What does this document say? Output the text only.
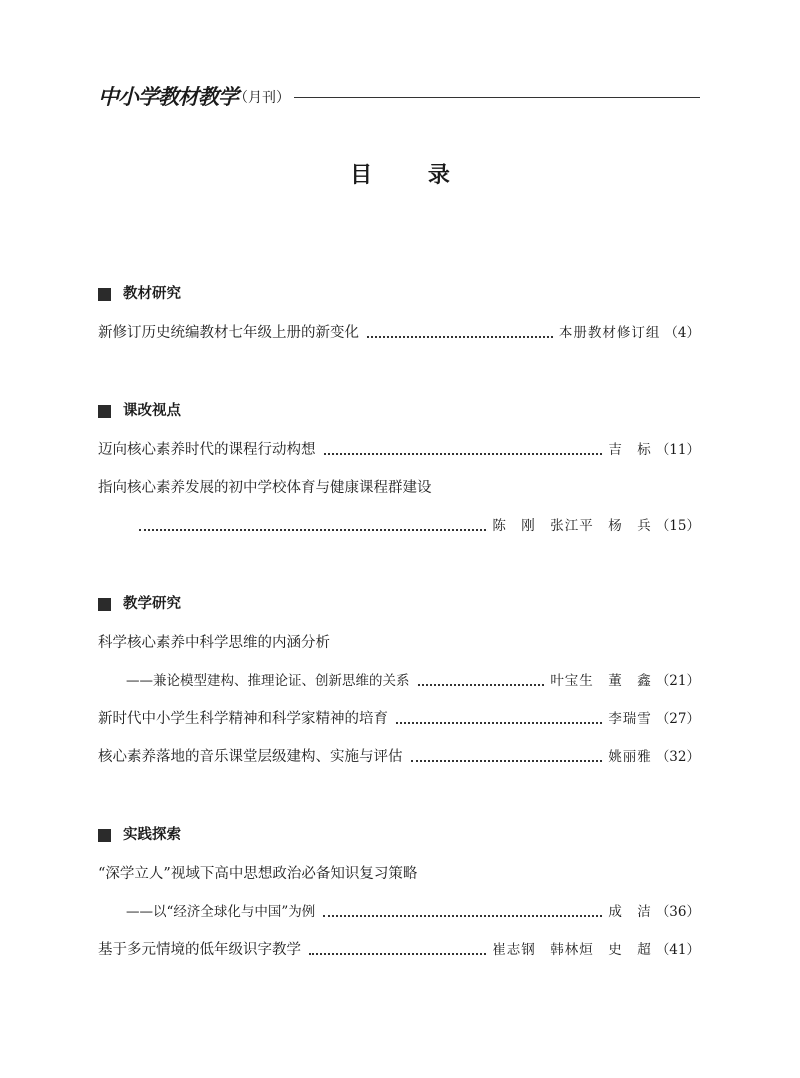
中小学教材教学
（月刊）
目 录
教材研究
新修订历史统编教材七年级上册的新变化	本册教材修订组 （4）
课改视点
迈向核心素养时代的课程行动构想	吉　标 （11）
指向核心素养发展的初中学校体育与健康课程群建设
陈　刚　张江平　杨　兵 （15）
教学研究
科学核心素养中科学思维的内涵分析
——兼论模型建构、推理论证、创新思维的关系	叶宝生　董　鑫 （21）
新时代中小学生科学精神和科学家精神的培育	李瑞雪 （27）
核心素养落地的音乐课堂层级建构、实施与评估	姚丽雅 （32）
实践探索
“深学立人”视域下高中思想政治必备知识复习策略
——以“经济全球化与中国”为例	成　洁 （36）
基于多元情境的低年级识字教学	崔志钢　韩林烜　史　超 （41）
